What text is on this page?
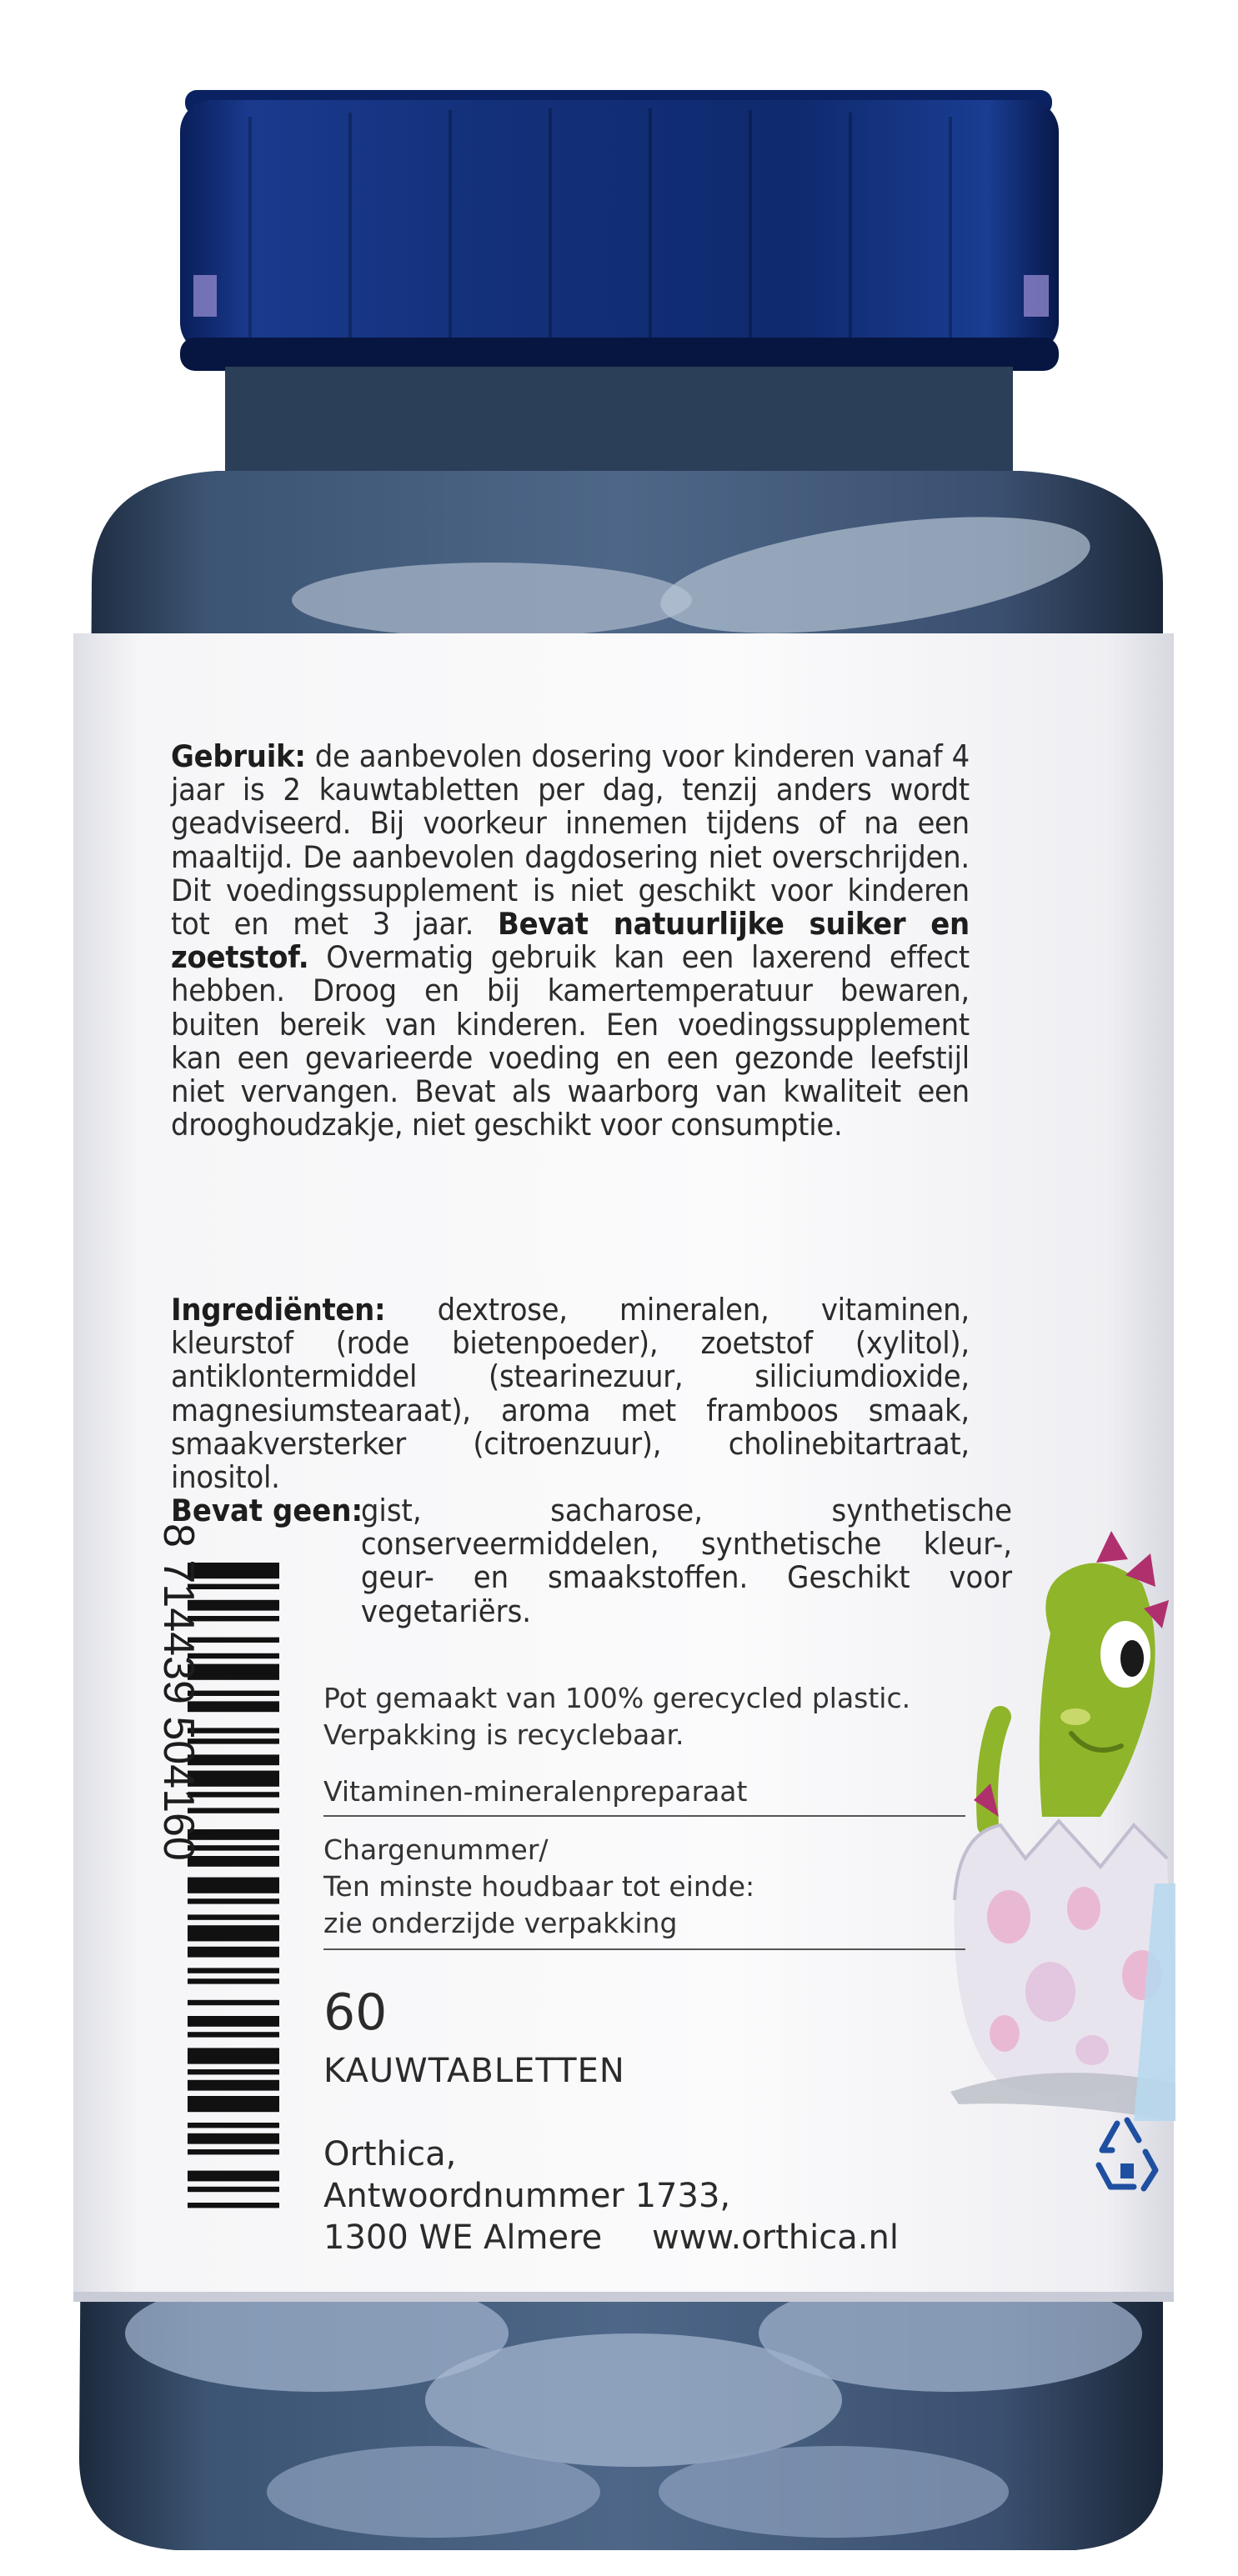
Gebruik: de aanbevolen dosering voor kinderen vanaf 4 jaar is 2 kauwtabletten per dag, tenzij anders wordt geadviseerd. Bij voorkeur innemen tijdens of na een maaltijd. De aanbevolen dagdosering niet overschrijden. Dit voedingssupplement is niet geschikt voor kinderen tot en met 3 jaar. Bevat natuurlijke suiker en zoetstof. Overmatig gebruik kan een laxerend effect hebben. Droog en bij kamertemperatuur bewaren, buiten bereik van kinderen. Een voedingssupplement kan een gevarieerde voeding en een gezonde leefstijl niet vervangen. Bevat als waarborg van kwaliteit een drooghoudzakje, niet geschikt voor consumptie.
Ingrediënten: dextrose, mineralen, vitaminen, kleurstof (rode bietenpoeder), zoetstof (xylitol), antiklontermiddel (stearinezuur, siliciumdioxide, magnesiumstearaat), aroma met framboos smaak, smaakversterker (citroenzuur), cholinebitartraat, inositol.
Bevat geen:
gist, sacharose, synthetische conserveermiddelen, synthetische kleur-, geur- en smaakstoffen. Geschikt voor vegetariërs.
Pot gemaakt van 100% gerecycled plastic.
Verpakking is recyclebaar.
Vitaminen-mineralenpreparaat
Chargenummer/
Ten minste houdbaar tot einde:
zie onderzijde verpakking
60
KAUWTABLETTEN
Orthica,
Antwoordnummer 1733,
1300 WE Almere www.orthica.nl
8 714439 504160
